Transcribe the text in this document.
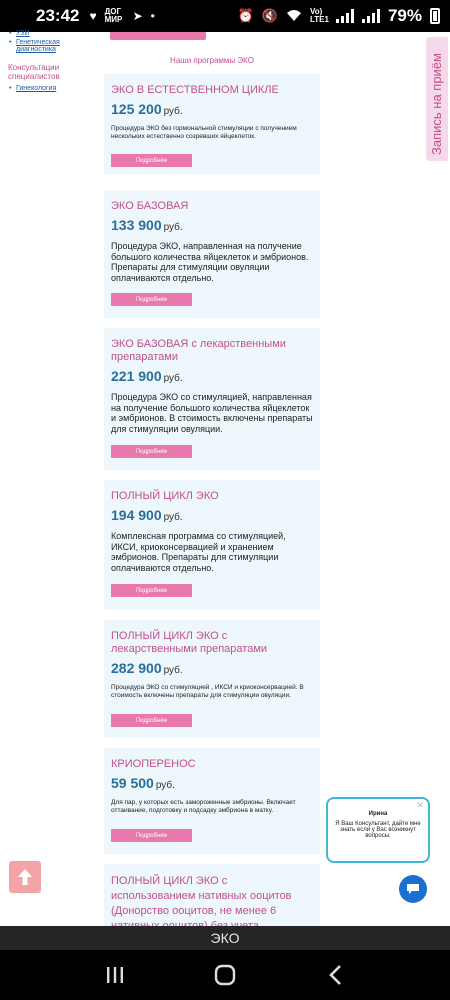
23:42 ♥ ДОГ МИР ➤ •	⏰ 🔇	Vo) LTE1	79%
• УЗИ
• Генетическая диагностика
Консультации специалистов
• Гинекология
Наши программы ЭКО
ЭКО В ЕСТЕСТВЕННОМ ЦИКЛЕ
125 200 руб.
Процедура ЭКО без гормональной стимуляции с получением нескольких естественно созревших яйцеклеток.
Подробнее
ЭКО БАЗОВАЯ
133 900 руб.
Процедура ЭКО, направленная на получение большого количества яйцеклеток и эмбрионов. Препараты для стимуляции овуляции оплачиваются отдельно.
Подробнее
ЭКО БАЗОВАЯ с лекарственными препаратами
221 900 руб.
Процедура ЭКО со стимуляцией, направленная на получение большого количества яйцеклеток и эмбрионов. В стоимость включены препараты для стимуляции овуляции.
Подробнее
ПОЛНЫЙ ЦИКЛ ЭКО
194 900 руб.
Комплексная программа со стимуляцией, ИКСИ, криоконсервацией и хранением эмбрионов. Препараты для стимуляции оплачиваются отдельно.
Подробнее
ПОЛНЫЙ ЦИКЛ ЭКО с лекарственными препаратами
282 900 руб.
Процедура ЭКО со стимуляцией , ИКСИ и криоконсервацией. В стоимость включены препараты для стимуляции овуляции.
Подробнее
КРИОПЕРЕНОС
59 500 руб.
Для пар, у которых есть замороженные эмбрионы. Включает оттаивание, подготовку и подсадку эмбриона в матку.
Подробнее
ПОЛНЫЙ ЦИКЛ ЭКО с использованием нативных ооцитов (Донорство ооцитов, не менее 6
Запись на приём
✕
Ирина
Я Ваш Консультант, дайте мне знать если у Вас возникнут вопросы.
ЭКО
